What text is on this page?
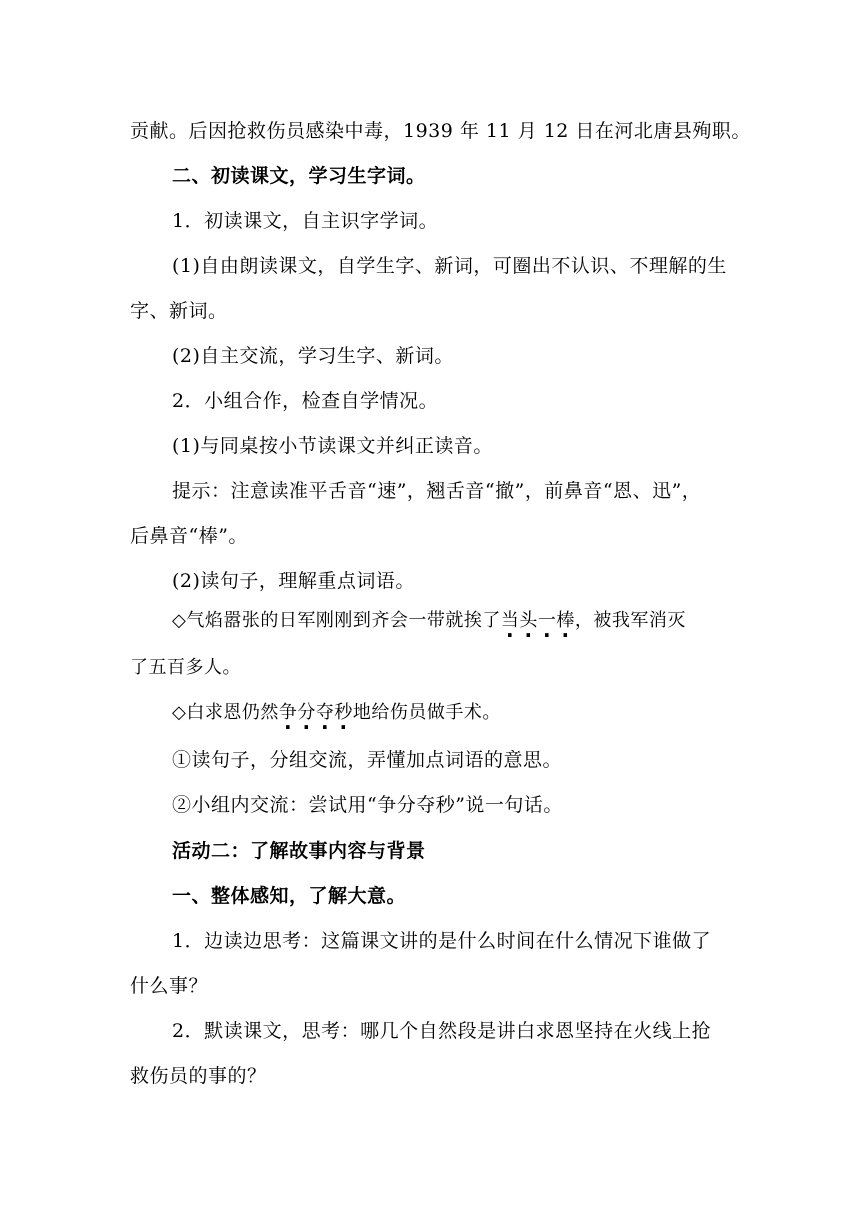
贡献。后因抢救伤员感染中毒，1939 年 11 月 12 日在河北唐县殉职。
二、初读课文，学习生字词。
1．初读课文，自主识字学词。
(1)自由朗读课文，自学生字、新词，可圈出不认识、不理解的生
字、新词。
(2)自主交流，学习生字、新词。
2．小组合作，检查自学情况。
(1)与同桌按小节读课文并纠正读音。
提示：注意读准平舌音“速”，翘舌音“撤”，前鼻音“恩、迅”，
后鼻音“棒”。
(2)读句子，理解重点词语。
◇气焰嚣张的日军刚刚到齐会一带就挨了当头一棒，被我军消灭
了五百多人。
◇白求恩仍然争分夺秒地给伤员做手术。
①读句子，分组交流，弄懂加点词语的意思。
②小组内交流：尝试用“争分夺秒”说一句话。
活动二：了解故事内容与背景
一、整体感知，了解大意。
1．边读边思考：这篇课文讲的是什么时间在什么情况下谁做了
什么事？
2．默读课文，思考：哪几个自然段是讲白求恩坚持在火线上抢
救伤员的事的？
